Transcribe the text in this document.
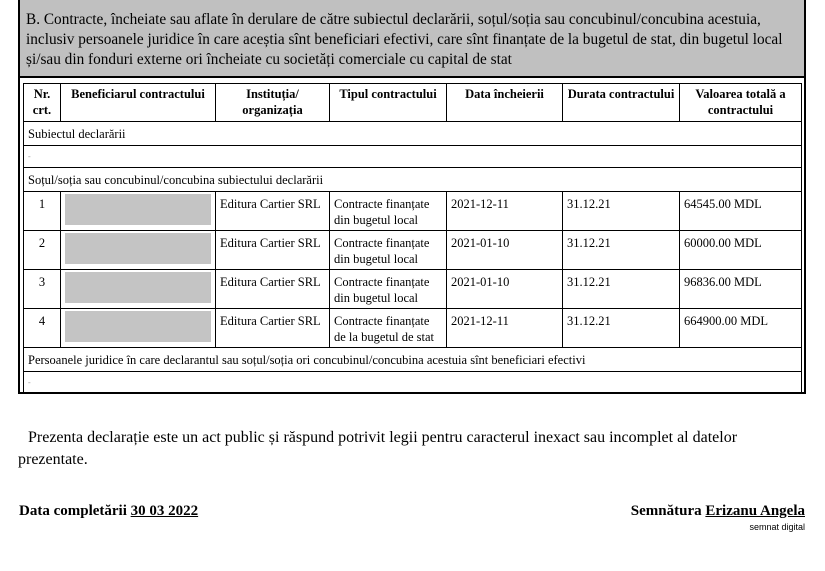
B. Contracte, încheiate sau aflate în derulare de către subiectul declarării, soțul/soția sau concubinul/concubina acestuia, inclusiv persoanele juridice în care aceștia sînt beneficiari efectivi, care sînt finanțate de la bugetul de stat, din bugetul local și/sau din fonduri externe ori încheiate cu societăți comerciale cu capital de stat
Nr. crt.	Beneficiarul contractului	Instituția/ organizația	Tipul contractului	Data încheierii	Durata contractului	Valoarea totală a contractului
Subiectul declarării						
-						
Soțul/soția sau concubinul/concubina subiectului declarării						
1		Editura Cartier SRL	Contracte finanțate din bugetul local	2021-12-11	31.12.21	64545.00 MDL
2		Editura Cartier SRL	Contracte finanțate din bugetul local	2021-01-10	31.12.21	60000.00 MDL
3		Editura Cartier SRL	Contracte finanțate din bugetul local	2021-01-10	31.12.21	96836.00 MDL
4		Editura Cartier SRL	Contracte finanțate de la bugetul de stat	2021-12-11	31.12.21	664900.00 MDL
Persoanele juridice în care declarantul sau soțul/soția ori concubinul/concubina acestuia sînt beneficiari efectivi						
-						

Prezenta declarație este un act public și răspund potrivit legii pentru caracterul inexact sau incomplet al datelor prezentate.

Data completării 30 03 2022	Semnătura Erizanu Angela
semnat digital
